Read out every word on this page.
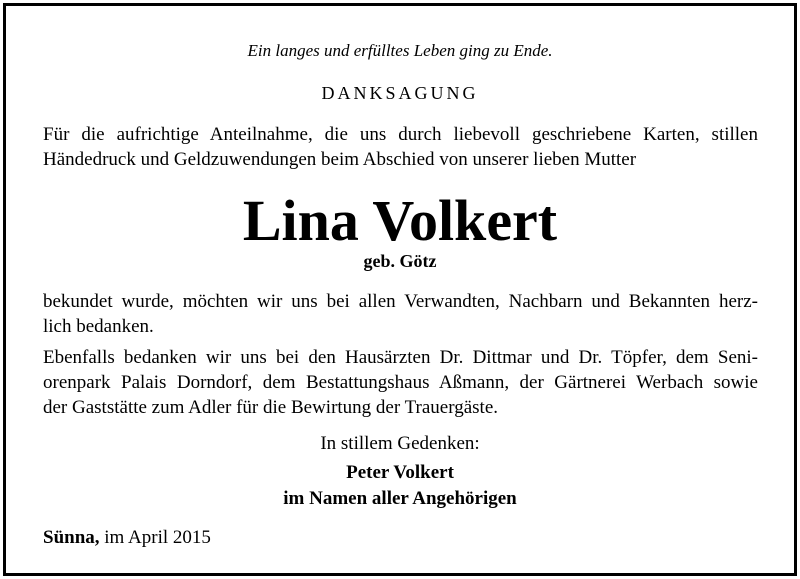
Ein langes und erfülltes Leben ging zu Ende.
DANKSAGUNG
Für die aufrichtige Anteilnahme, die uns durch liebevoll geschriebene Karten, stillen
Händedruck und Geldzuwendungen beim Abschied von unserer lieben Mutter
Lina Volkert
geb. Götz
bekundet wurde, möchten wir uns bei allen Verwandten, Nachbarn und Bekannten herz-
lich bedanken.
Ebenfalls bedanken wir uns bei den Hausärzten Dr. Dittmar und Dr. Töpfer, dem Seni-
orenpark Palais Dorndorf, dem Bestattungshaus Aßmann, der Gärtnerei Werbach sowie
der Gaststätte zum Adler für die Bewirtung der Trauergäste.
In stillem Gedenken:
Peter Volkert
im Namen aller Angehörigen
Sünna, im April 2015
